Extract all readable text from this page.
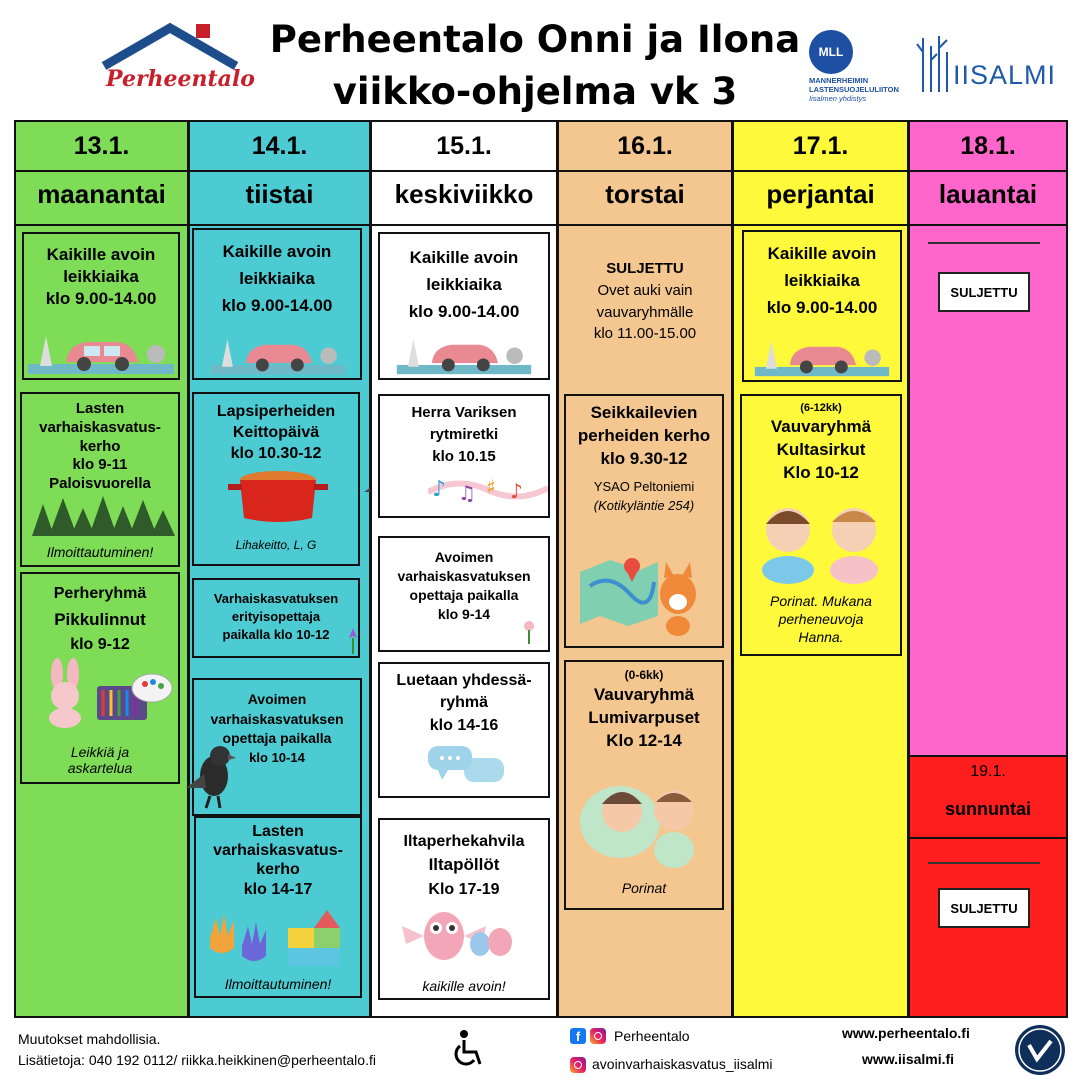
Perheentalo
Perheentalo Onni ja Ilona
viikko-ohjelma vk 3
MLL
MANNERHEIMIN
LASTENSUOJELULIITON
Iisalmen yhdistys
IISALMI
13.1.
maanantai
Kaikille avoin
leikkiaika
klo 9.00-14.00
Lasten
varhaiskasvatus-
kerho
klo 9-11
Paloisvuorella
Ilmoittautuminen!
Perheryhmä
Pikkulinnut
klo 9-12
Leikkiä ja
askartelua
14.1.
tiistai
Kaikille avoin
leikkiaika
klo 9.00-14.00
Lapsiperheiden
Keittopäivä
klo 10.30-12
Lihakeitto, L, G
Varhaiskasvatuksen
erityisopettaja
paikalla klo 10-12
Avoimen
varhaiskasvatuksen
opettaja paikalla
klo 10-14
Lasten
varhaiskasvatus-
kerho
klo 14-17
Ilmoittautuminen!
15.1.
keskiviikko
Kaikille avoin
leikkiaika
klo 9.00-14.00
Herra Variksen
rytmiretki
klo 10.15
♪ ♫ ♯ ♪
Avoimen
varhaiskasvatuksen
opettaja paikalla
klo 9-14
Luetaan yhdessä-
ryhmä
klo 14-16
Iltaperhekahvila
Iltapöllöt
Klo 17-19
kaikille avoin!
16.1.
torstai
SULJETTU
Ovet auki vain
vauvaryhmälle
klo 11.00-15.00
Seikkailevien
perheiden kerho
klo 9.30-12
YSAO Peltoniemi
(Kotikyläntie 254)
(0-6kk)
Vauvaryhmä
Lumivarpuset
Klo 12-14
Porinat
17.1.
perjantai
Kaikille avoin
leikkiaika
klo 9.00-14.00
(6-12kk)
Vauvaryhmä
Kultasirkut
Klo 10-12
Porinat. Mukana
perheneuvoja
Hanna.
18.1.
lauantai
SULJETTU
19.1.
sunnuntai
SULJETTU
Muutokset mahdollisia.
Lisätietoja: 040 192 0112/ riikka.heikkinen@perheentalo.fi
f	Perheentalo
avoinvarhaiskasvatus_iisalmi
www.perheentalo.fi
www.iisalmi.fi
